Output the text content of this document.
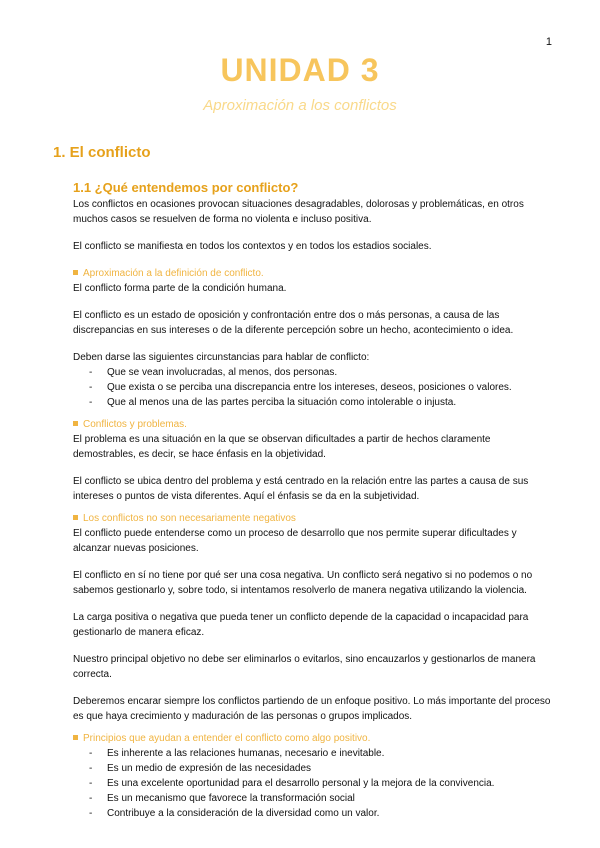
1
UNIDAD 3
Aproximación a los conflictos
1. El conflicto
1.1 ¿Qué entendemos por conflicto?

Los conflictos en ocasiones provocan situaciones desagradables, dolorosas y problemáticas, en otros muchos casos se resuelven de forma no violenta e incluso positiva.

El conflicto se manifiesta en todos los contextos y en todos los estadios sociales.

Aproximación a la definición de conflicto.

El conflicto forma parte de la condición humana.

El conflicto es un estado de oposición y confrontación entre dos o más personas, a causa de las discrepancias en sus intereses o de la diferente percepción sobre un hecho, acontecimiento o idea.

Deben darse las siguientes circunstancias para hablar de conflicto:

- Que se vean involucradas, al menos, dos personas.
- Que exista o se perciba una discrepancia entre los intereses, deseos, posiciones o valores.
- Que al menos una de las partes perciba la situación como intolerable o injusta.

Conflictos y problemas.

El problema es una situación en la que se observan dificultades a partir de hechos claramente demostrables, es decir, se hace énfasis en la objetividad.

El conflicto se ubica dentro del problema y está centrado en la relación entre las partes a causa de sus intereses o puntos de vista diferentes. Aquí el énfasis se da en la subjetividad.

Los conflictos no son necesariamente negativos

El conflicto puede entenderse como un proceso de desarrollo que nos permite superar dificultades y alcanzar nuevas posiciones.

El conflicto en sí no tiene por qué ser una cosa negativa. Un conflicto será negativo si no podemos o no sabemos gestionarlo y, sobre todo, si intentamos resolverlo de manera negativa utilizando la violencia.

La carga positiva o negativa que pueda tener un conflicto depende de la capacidad o incapacidad para gestionarlo de manera eficaz.

Nuestro principal objetivo no debe ser eliminarlos o evitarlos, sino encauzarlos y gestionarlos de manera correcta.

Deberemos encarar siempre los conflictos partiendo de un enfoque positivo. Lo más importante del proceso es que haya crecimiento y maduración de las personas o grupos implicados.

Principios que ayudan a entender el conflicto como algo positivo.

- Es inherente a las relaciones humanas, necesario e inevitable.
- Es un medio de expresión de las necesidades
- Es una excelente oportunidad para el desarrollo personal y la mejora de la convivencia.
- Es un mecanismo que favorece la transformación social
- Contribuye a la consideración de la diversidad como un valor.
